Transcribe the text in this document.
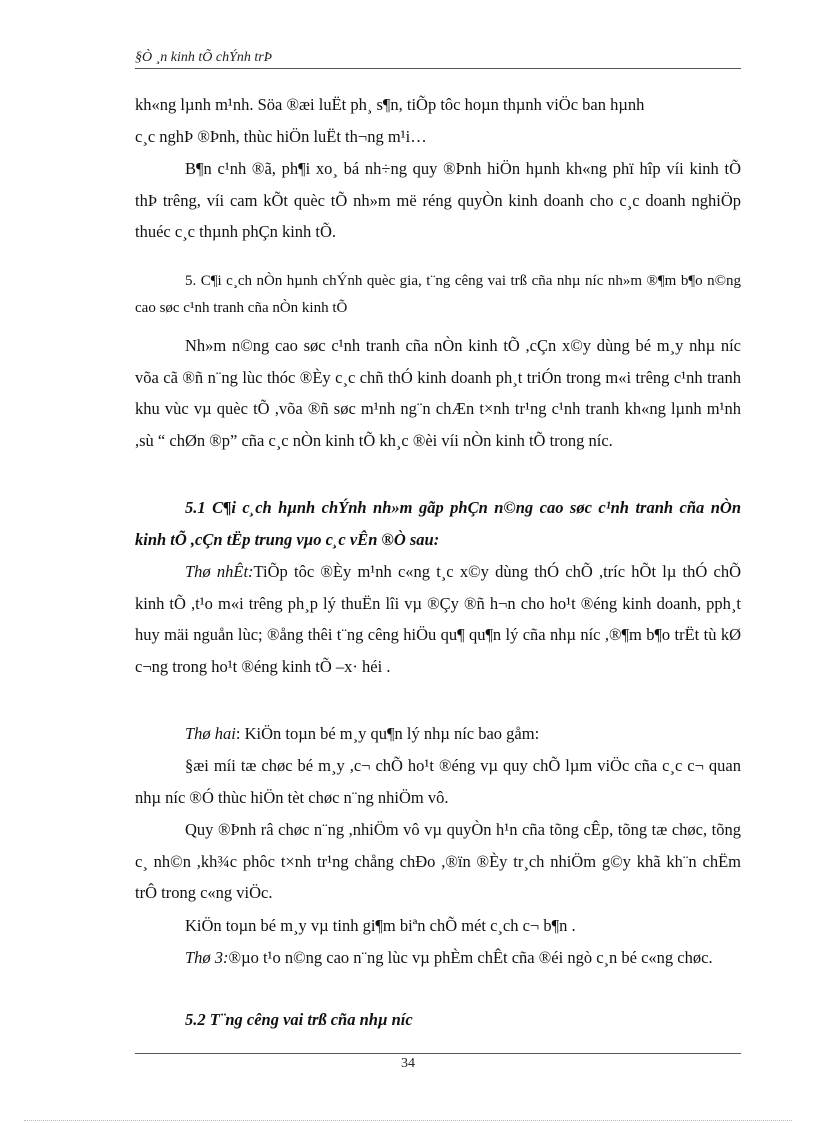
§Ò ¸n kinh tÕ chÝnh trÞ

kh«ng lµnh m¹nh. Söa ®æi luËt ph¸ s¶n, tiÕp tôc hoµn thµnh viÖc ban hµnh

c¸c nghÞ ®Þnh, thùc hiÖn luËt th¬ng m¹i…

B¶n c¹nh ®ã, ph¶i xo¸ bá nh÷ng quy ®Þnh hiÖn hµnh kh«ng phï hîp víi kinh tÕ thÞ trêng, víi cam kÕt quèc tÕ nh»m më réng quyÒn kinh doanh cho c¸c doanh nghiÖp thuéc c¸c thµnh phÇn kinh tÕ.

5. C¶i c¸ch nÒn hµnh chÝnh quèc gia, t¨ng cêng vai trß cña nhµ níc nh»m ®¶m b¶o n©ng cao søc c¹nh tranh cña nÒn kinh tÕ

Nh»m n©ng cao søc c¹nh tranh cña nÒn kinh tÕ ,cÇn x©y dùng bé m¸y nhµ níc võa cã ®ñ n¨ng lùc thóc ®Èy c¸c chñ thÓ kinh doanh ph¸t triÓn trong m«i trêng c¹nh tranh khu vùc vµ quèc tÕ ,võa ®ñ søc m¹nh ng¨n chÆn t×nh tr¹ng c¹nh tranh kh«ng lµnh m¹nh ,sù “ chØn ®p” cña c¸c nÒn kinh tÕ kh¸c ®èi víi nÒn kinh tÕ trong níc.

5.1 C¶i c¸ch hµnh chÝnh nh»m gãp phÇn n©ng cao søc c¹nh tranh cña nÒn kinh tÕ ,cÇn tËp trung vµo c¸c vÊn ®Ò sau:

Thø nhÊt:TiÕp tôc ®Èy m¹nh c«ng t¸c x©y dùng thÓ chÕ ,tríc hÕt lµ thÓ chÕ kinh tÕ ,t¹o m«i trêng ph¸p lý thuËn lîi vµ ®Çy ®ñ h¬n cho ho¹t ®éng kinh doanh, pph¸t huy mäi nguån lùc; ®ång thêi t¨ng cêng hiÖu qu¶ qu¶n lý cña nhµ níc ,®¶m b¶o trËt tù kØ c¬ng trong ho¹t ®éng kinh tÕ –x· héi .

Thø hai: KiÖn toµn bé m¸y qu¶n lý nhµ níc bao gåm:

§æi míi tæ chøc bé m¸y ,c¬ chÕ ho¹t ®éng vµ quy chÕ lµm viÖc cña c¸c c¬ quan nhµ níc ®Ó thùc hiÖn tèt chøc n¨ng nhiÖm vô.

Quy ®Þnh râ chøc n¨ng ,nhiÖm vô vµ quyÒn h¹n cña tõng cÊp, tõng tæ chøc, tõng c¸ nh©n ,kh¾c phôc t×nh tr¹ng chång chÐo ,®ïn ®Èy tr¸ch nhiÖm g©y khã kh¨n chËm trÔ trong c«ng viÖc.

KiÖn toµn bé m¸y vµ tinh gi¶m biªn chÕ mét c¸ch c¬ b¶n .

Thø 3:®µo t¹o n©ng cao n¨ng lùc vµ phÈm chÊt cña ®éi ngò c¸n bé c«ng chøc.

5.2 T¨ng cêng vai trß cña nhµ níc

34
